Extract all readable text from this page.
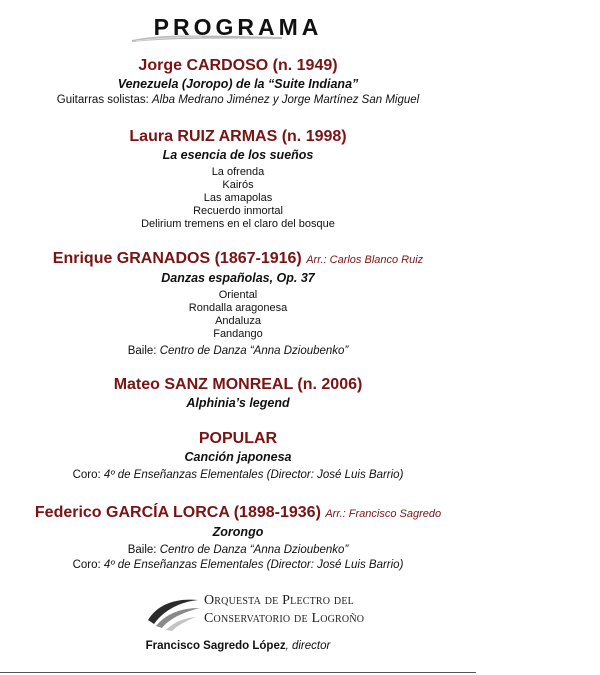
PROGRAMA
Jorge CARDOSO (n. 1949)
Venezuela (Joropo) de la “Suite Indiana”
Guitarras solistas: Alba Medrano Jiménez y Jorge Martínez San Miguel
Laura RUIZ ARMAS (n. 1998)
La esencia de los sueños
La ofrenda
Kairós
Las amapolas
Recuerdo inmortal
Delirium tremens en el claro del bosque
Enrique GRANADOS (1867-1916) Arr.: Carlos Blanco Ruiz
Danzas españolas, Op. 37
Oriental
Rondalla aragonesa
Andaluza
Fandango
Baile: Centro de Danza “Anna Dzioubenko”
Mateo SANZ MONREAL (n. 2006)
Alphinia’s legend
POPULAR
Canción japonesa
Coro: 4º de Enseñanzas Elementales (Director: José Luis Barrio)
Federico GARCÍA LORCA (1898-1936) Arr.: Francisco Sagredo
Zorongo
Baile: Centro de Danza “Anna Dzioubenko”
Coro: 4º de Enseñanzas Elementales (Director: José Luis Barrio)
Orquesta de Plectro del
Conservatorio de Logroño
Francisco Sagredo López, director
